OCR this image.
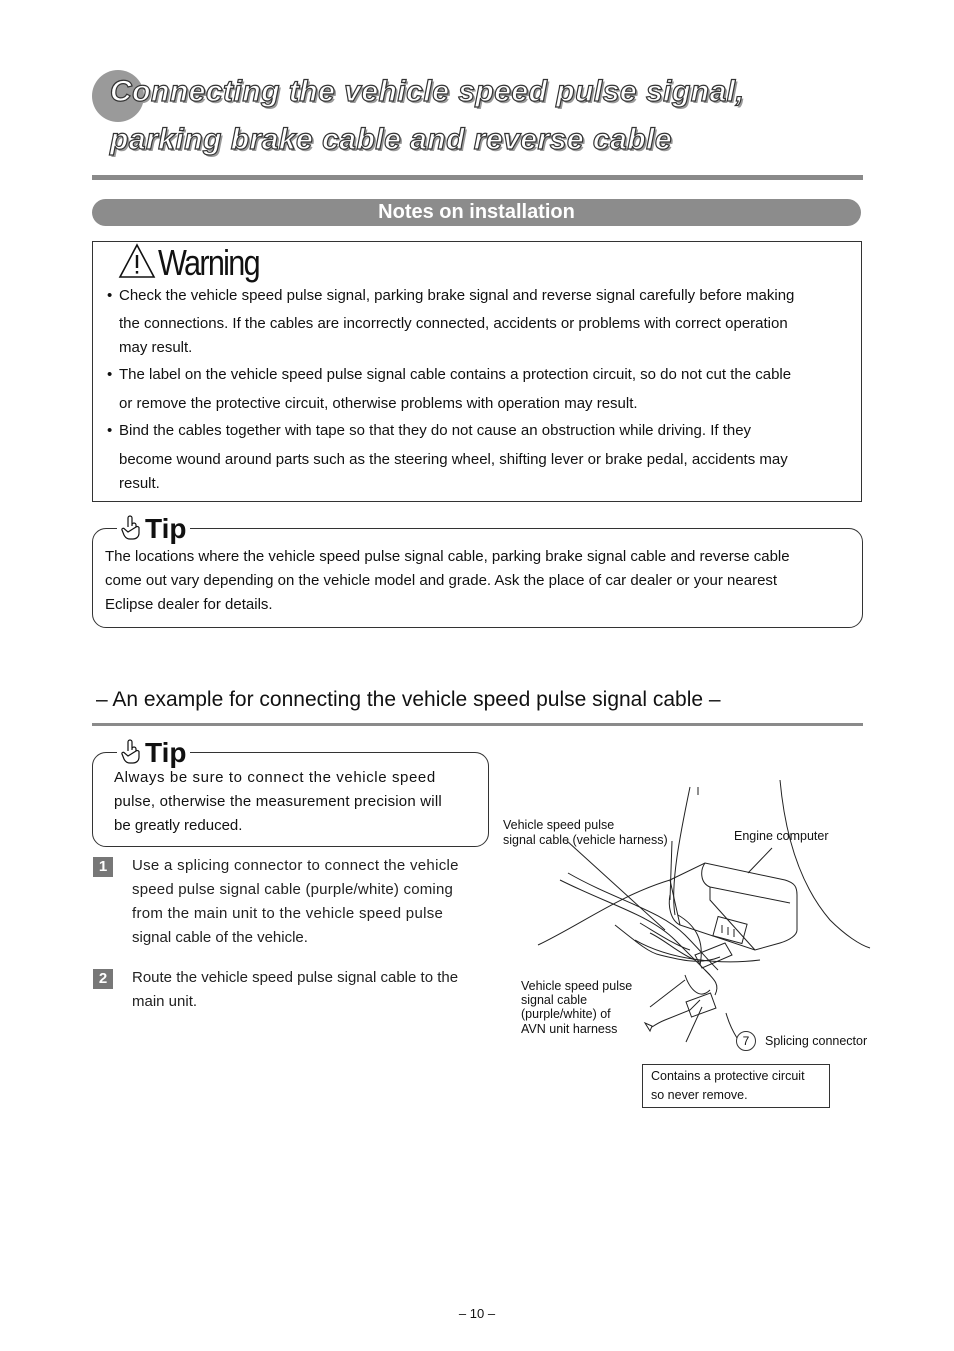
Connecting the vehicle speed pulse signal,
parking brake cable and reverse cable
Notes on installation
Warning
• Check the vehicle speed pulse signal, parking brake signal and reverse signal carefully before making
the connections. If the cables are incorrectly connected, accidents or problems with correct operation
may result.
• The label on the vehicle speed pulse signal cable contains a protection circuit, so do not cut the cable
or remove the protective circuit, otherwise problems with operation may result.
• Bind the cables together with tape so that they do not cause an obstruction while driving. If they
become wound around parts such as the steering wheel, shifting lever or brake pedal, accidents may
result.
Tip
The locations where the vehicle speed pulse signal cable, parking brake signal cable and reverse cable
come out vary depending on the vehicle model and grade. Ask the place of car dealer or your nearest
Eclipse dealer for details.
– An example for connecting the vehicle speed pulse signal cable –
Tip
Always be sure to connect the vehicle speed
pulse, otherwise the measurement precision will
be greatly reduced.
1	Use a splicing connector to connect the vehicle
speed pulse signal cable (purple/white) coming
from the main unit to the vehicle speed pulse
signal cable of the vehicle.
2	Route the vehicle speed pulse signal cable to the
main unit.
Vehicle speed pulse
signal cable (vehicle harness)	Engine computer
Vehicle speed pulse
signal cable
(purple/white) of
AVN unit harness
7	Splicing connector
Contains a protective circuit
so never remove.
– 10 –
